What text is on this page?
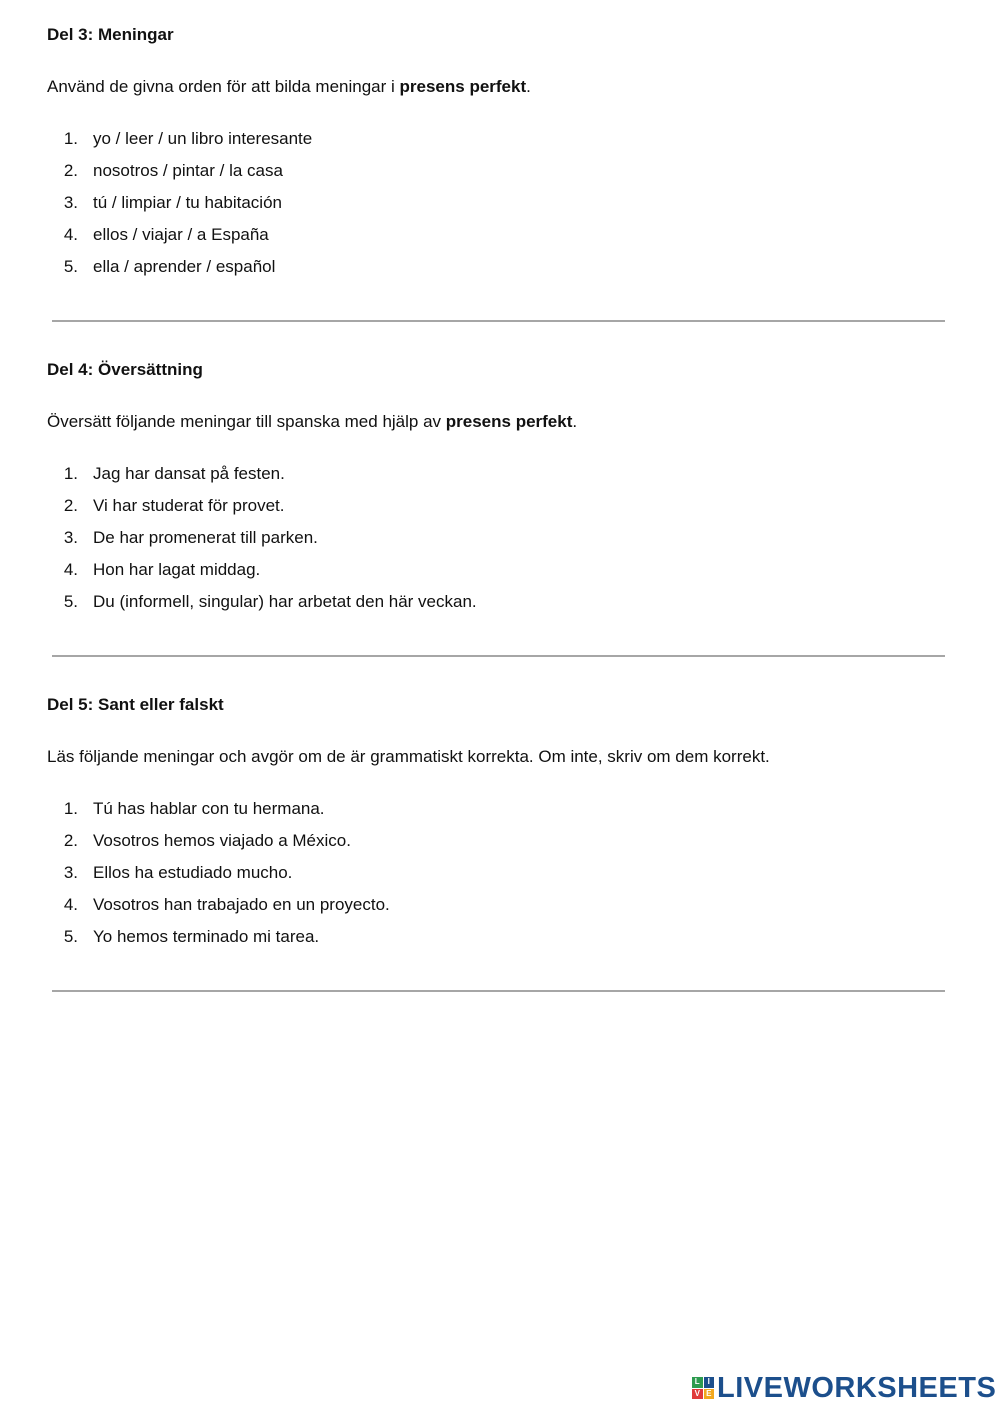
Del 3: Meningar

Använd de givna orden för att bilda meningar i presens perfekt.

1. yo / leer / un libro interesante
2. nosotros / pintar / la casa
3. tú / limpiar / tu habitación
4. ellos / viajar / a España
5. ella / aprender / español

Del 4: Översättning

Översätt följande meningar till spanska med hjälp av presens perfekt.

1. Jag har dansat på festen.
2. Vi har studerat för provet.
3. De har promenerat till parken.
4. Hon har lagat middag.
5. Du (informell, singular) har arbetat den här veckan.

Del 5: Sant eller falskt

Läs följande meningar och avgör om de är grammatiskt korrekta. Om inte, skriv om dem korrekt.

1. Tú has hablar con tu hermana.
2. Vosotros hemos viajado a México.
3. Ellos ha estudiado mucho.
4. Vosotros han trabajado en un proyecto.
5. Yo hemos terminado mi tarea.
L I
V E LIVEWORKSHEETS
